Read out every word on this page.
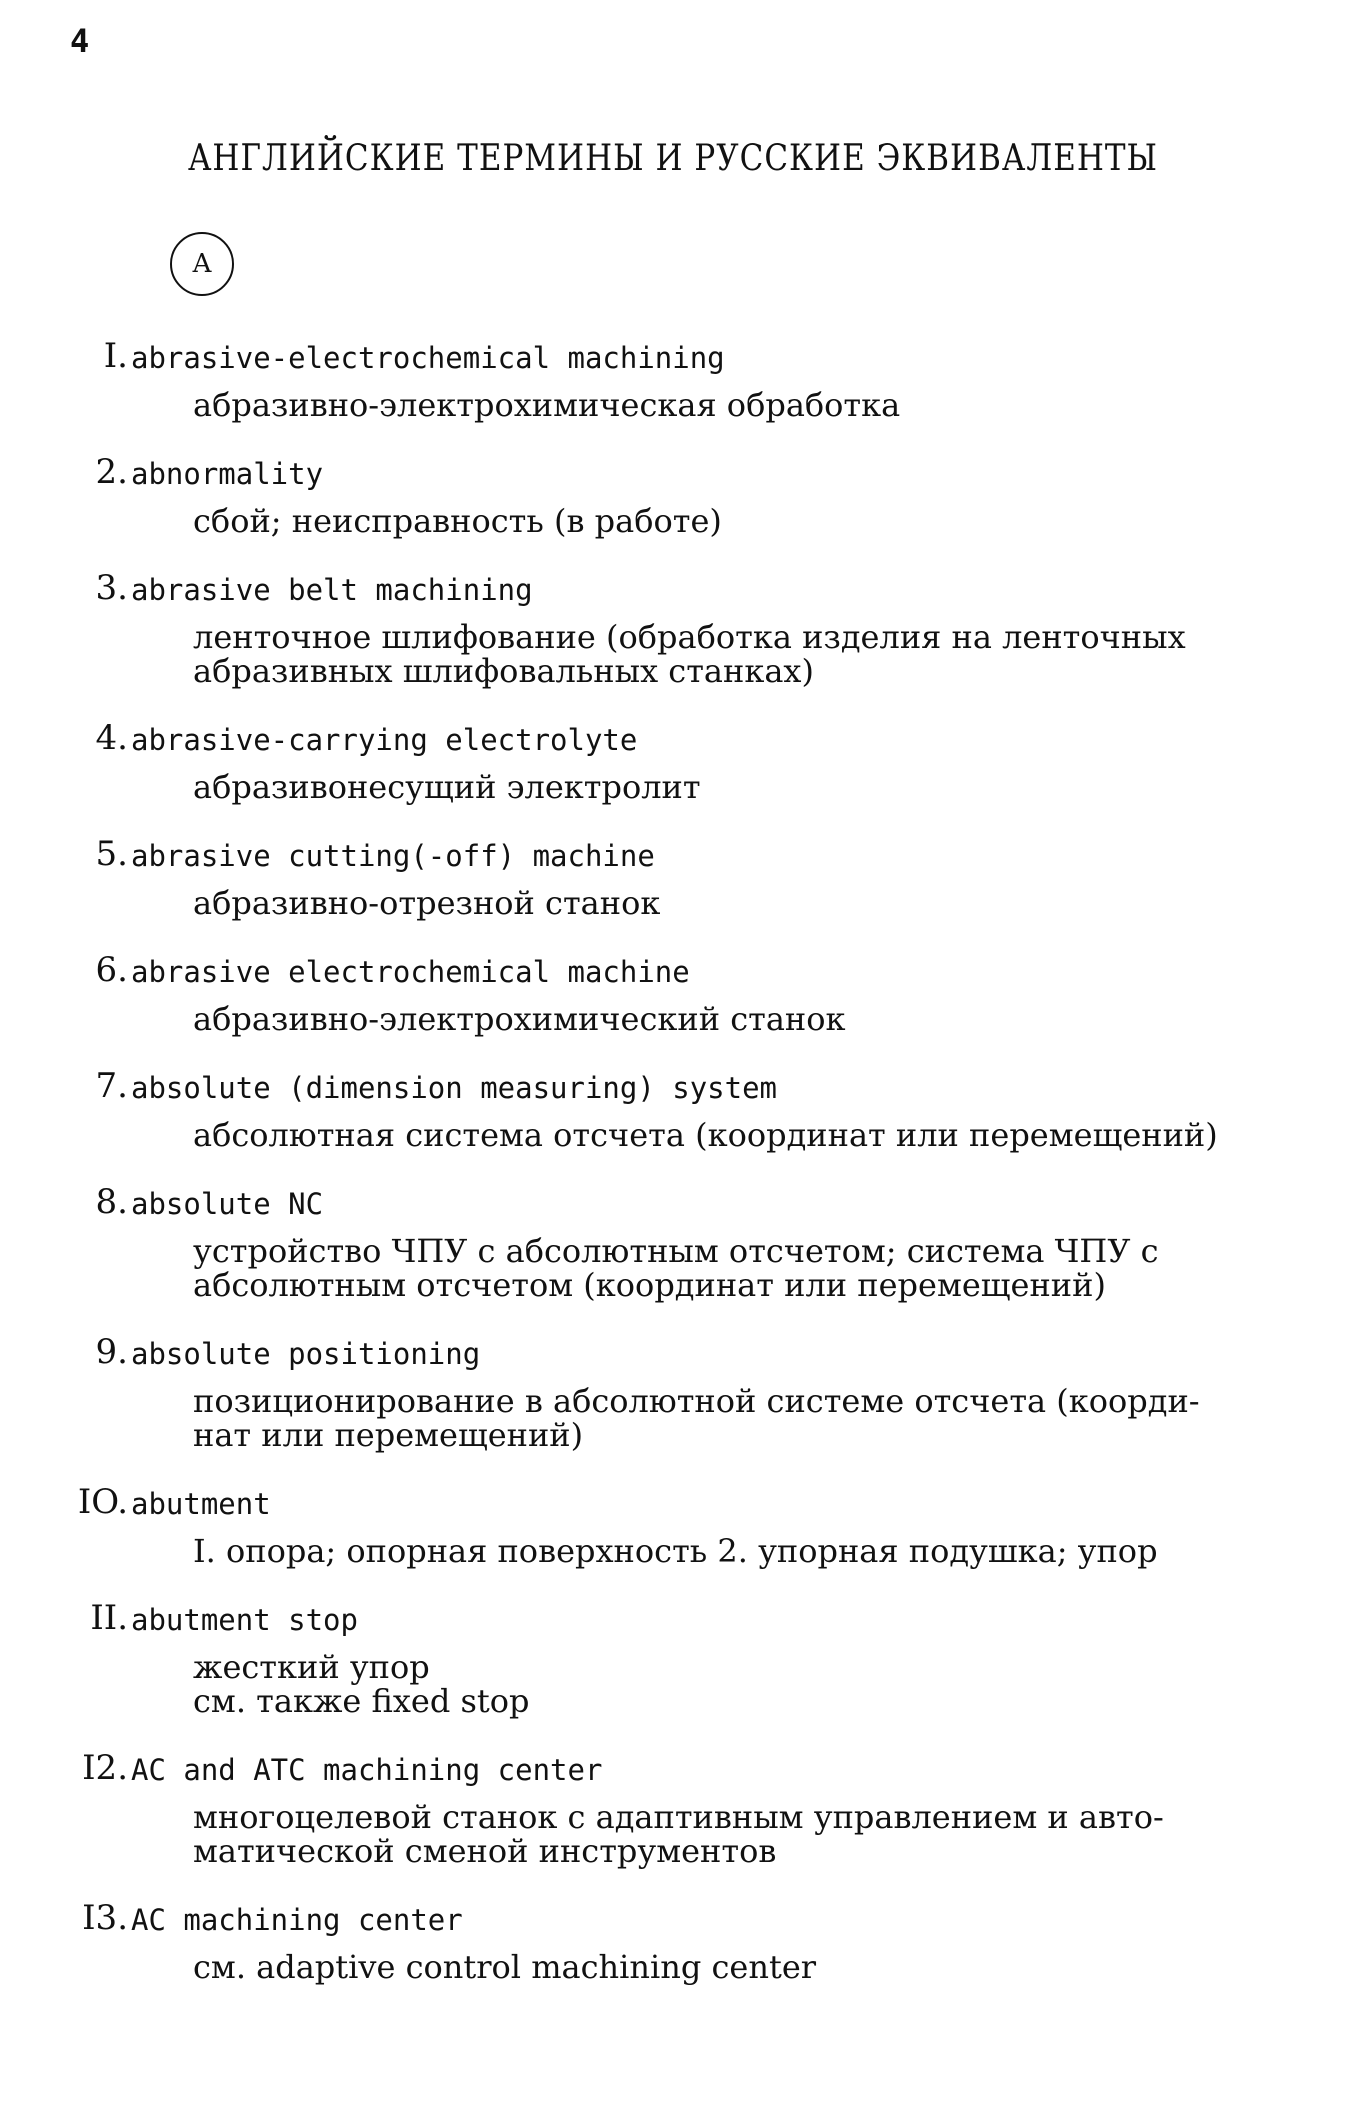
4
АНГЛИЙСКИЕ ТЕРМИНЫ И РУССКИЕ ЭКВИВАЛЕНТЫ
A
I. abrasive-electrochemical machining
абразивно-электрохимическая обработка
2. abnormality
сбой; неисправность (в работе)
3. abrasive belt machining
ленточное шлифование (обработка изделия на ленточных
абразивных шлифовальных станках)
4. abrasive-carrying electrolyte
абразивонесущий электролит
5. abrasive cutting(-off) machine
абразивно-отрезной станок
6. abrasive electrochemical machine
абразивно-электрохимический станок
7. absolute (dimension measuring) system
абсолютная система отсчета (координат или перемещений)
8. absolute NC
устройство ЧПУ с абсолютным отсчетом; система ЧПУ с
абсолютным отсчетом (координат или перемещений)
9. absolute positioning
позиционирование в абсолютной системе отсчета (коорди-
нат или перемещений)
IO. abutment
I. опора; опорная поверхность 2. упорная подушка; упор
II. abutment stop
жесткий упор
см. также fixed stop
I2. AC and ATC machining center
многоцелевой станок с адаптивным управлением и авто-
матической сменой инструментов
I3. AC machining center
см. adaptive control machining center
